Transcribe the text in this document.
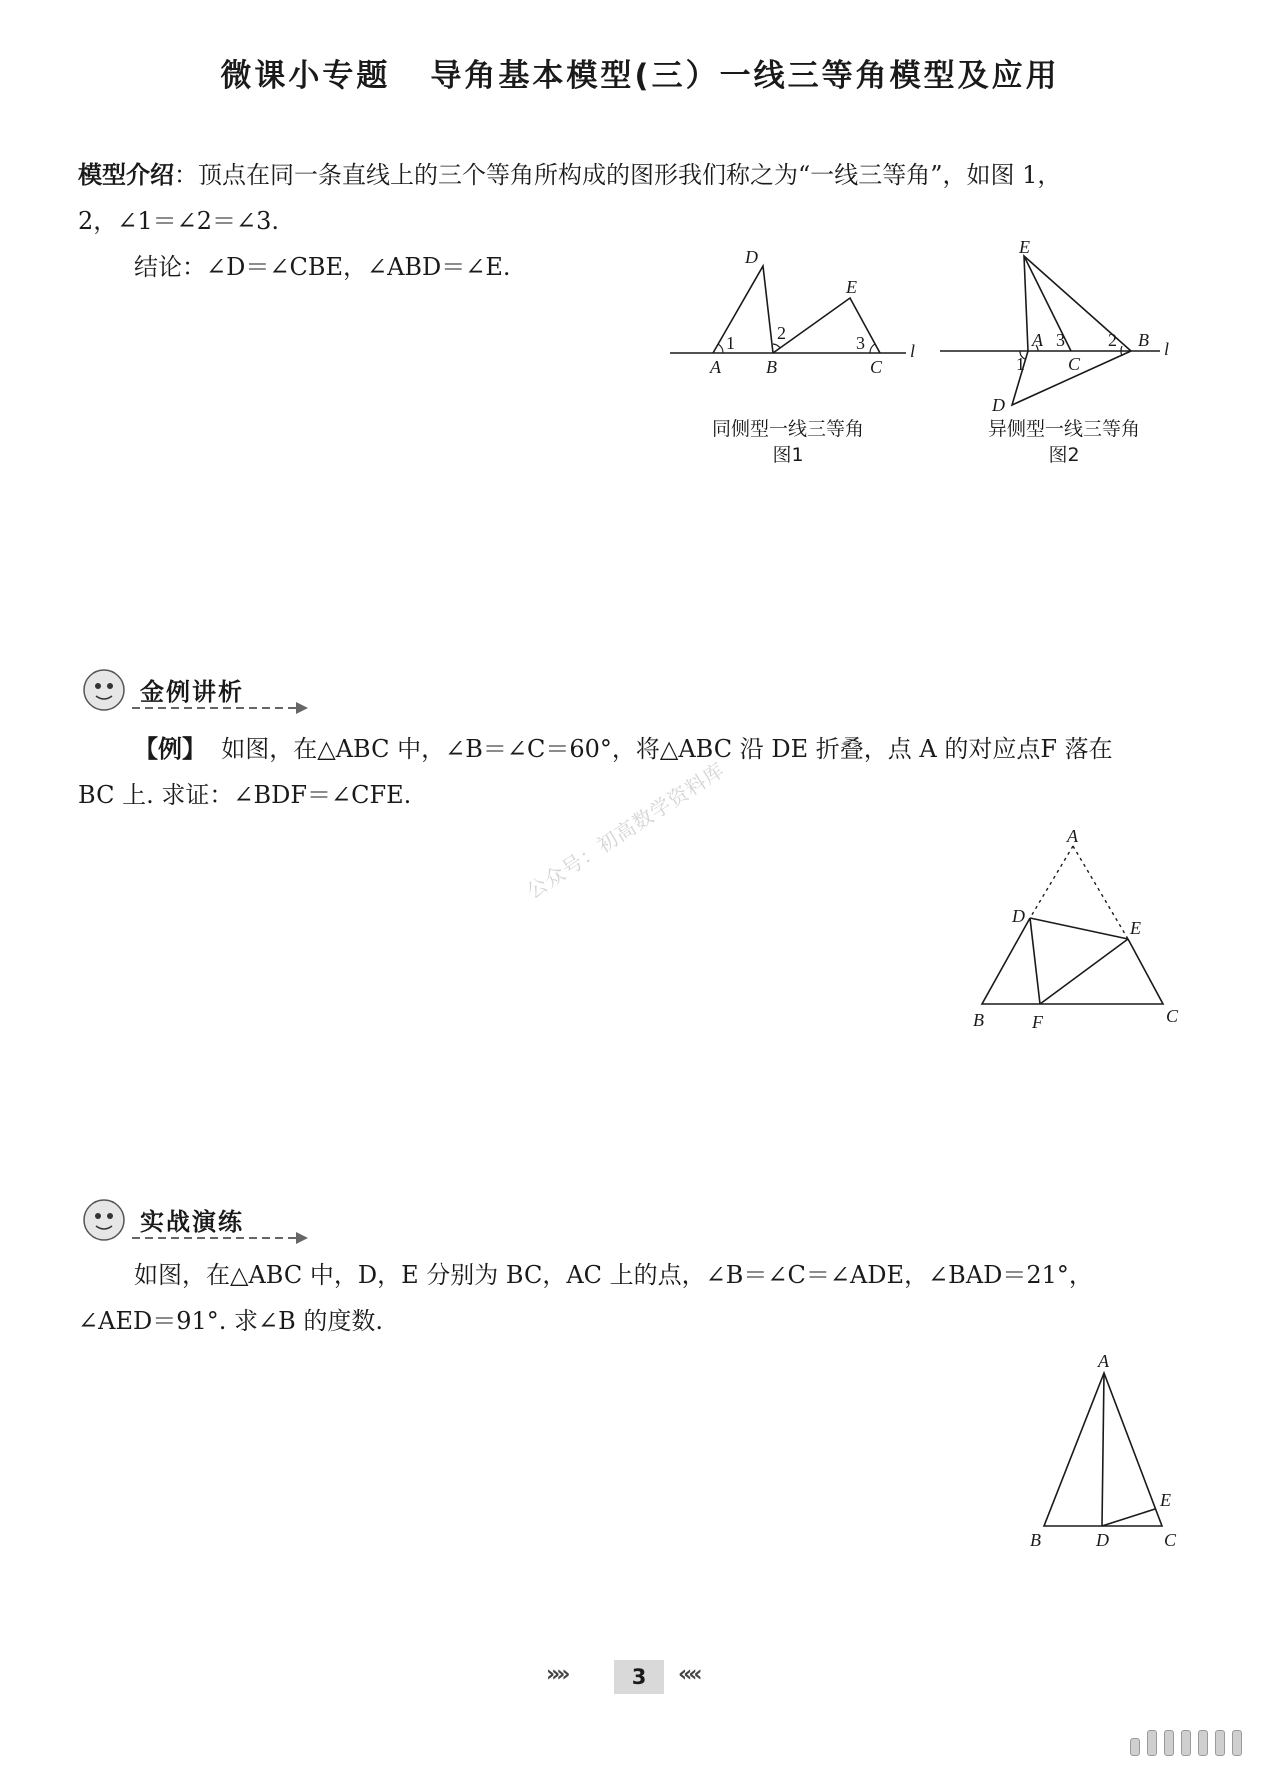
微课小专题 导角基本模型(三）一线三等角模型及应用
模型介绍：顶点在同一条直线上的三个等角所构成的图形我们称之为“一线三等角”，如图 1，
2，∠1＝∠2＝∠3.
结论：∠D＝∠CBE，∠ABD＝∠E.
A	B	C
D
E
l
1 2	3
同侧型一线三等角
图1
A	B
C
D
E
l
1
2
3
异侧型一线三等角
图2
金例讲析
【例】 如图，在△ABC 中，∠B＝∠C＝60°，将△ABC 沿 DE 折叠，点 A 的对应点F 落在
BC 上. 求证：∠BDF＝∠CFE.	公众号：初高数学资料库	A
B	C
D
E
F
实战演练
如图，在△ABC 中，D，E 分别为 BC，AC 上的点，∠B＝∠C＝∠ADE，∠BAD＝21°，
∠AED＝91°. 求∠B 的度数.
A
B	C
D
E
»»	3	««
